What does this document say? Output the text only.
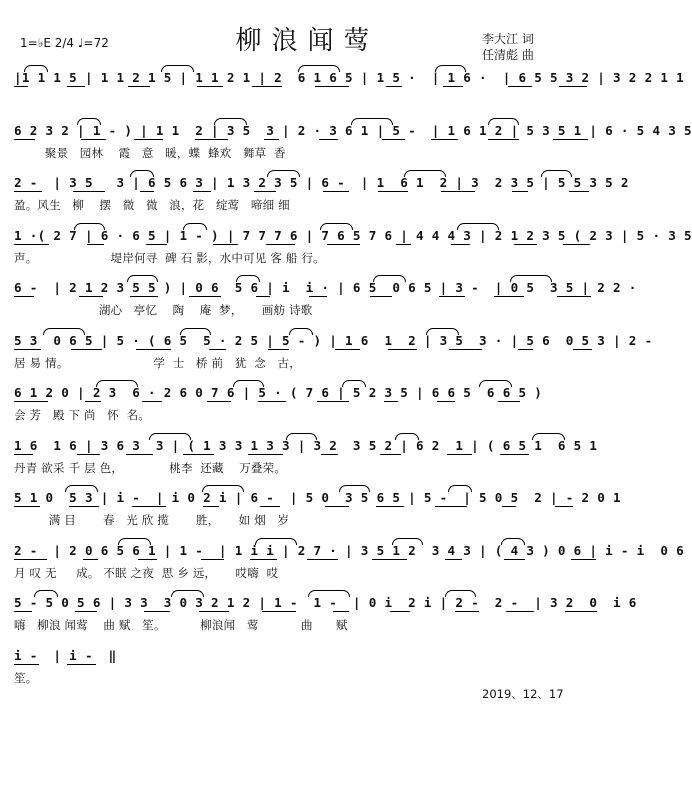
1=♭E 2/4 ♩=72	柳浪闻莺	李大江 词
任清彪 曲
|1 1 1 5 | 1 1 2 1 5 | 1 1 2 1 | 2  6 1 6 5 | 1 5 ·  | 1 6 ·  | 6 5 5 3 2 | 3 2 2 1 1
6 2 3 2 | 1 - ) | 1 1  2 | 3 5  3 | 2 · 3 6 1 | 5 -  | 1 6 1 2 | 5 3 5 1 | 6 · 5 4 3 5
聚景   园林    霞   意   暖，蝶  蜂欢   舞草  香
2 -  | 3 5   3 | 6 5 6 3 | 1 3 2 3 5 | 6 -  | 1  6 1  2 | 3  2 3 5 | 5 5 3 5 2
盈。风生   柳    摆   微   微   浪，花   绽莺   啼细 细
1 ·( 2 7 | 6 · 6 5 | 1 - ) | 7 7 7 6 | 7 6 5 7 6 | 4 4 4 3 | 2 1 2 3 5 ( 2 3 | 5 · 3 5
声。                   堤岸何寻  碑 石 影，水中可见 客 船 行。
6 -  | 2 1 2 3 5 5 ) | 0 6  5 6 | i  i · | 6 5  0 6 5 | 3 -  | 0 5  3 5 | 2 2 ·
湖心   亭忆    陶    庵  梦，     画舫 诗歌
5 3  0 6 5 | 5 · ( 6 5  5 · 2 5 | 5 - ) | 1 6  1  2 | 3 5  3 · | 5 6  0 5 3 | 2 -
居 易 情。                      学  士   桥 前   犹  念   古，
6 1 2 0 | 2 3  6 · 2 6 0 7 6 | 5 · ( 7 6 | 5 2 3 5 | 6 6 5  6 6 5 )
会 芳   殿 下 尚   怀  名。
1 6  1 6 | 3 6 3  3 | ( 1 3 3 1 3 3 | 3 2  3 5 2 | 6 2  1 | ( 6 5 1  6 5 1
丹青 欲采 千 层 色，            桃李  还藏    万叠荣。
5 1 0  5 3 | i -  | i 0 2 i | 6 -  | 5 0  3 5 6 5 | 5 -  | 5 0 5  2 | - 2 0 1
满 目       春   光 欣 揽       胜，     如 烟   岁
2 -  | 2 0 6 5 6 1 | 1 -  | 1 i i | 2 7 · | 3 5 1 2  3 4 3 | ( 4 3 ) 0 6 | i - i  0 6
月 叹 无     成。 不眠 之夜  思 乡 远，     哎嗨  哎
5 - 5 0 5 6 | 3 3  3 0 3 2 1 2 | 1 -  1 -  | 0 i  2 i | 2 -  2 -  | 3 2  0  i 6
嗨   柳浪 闻莺    曲 赋   笙。         柳浪闻   莺           曲      赋
i -  | i -  ‖
笙。
2019、12、17
